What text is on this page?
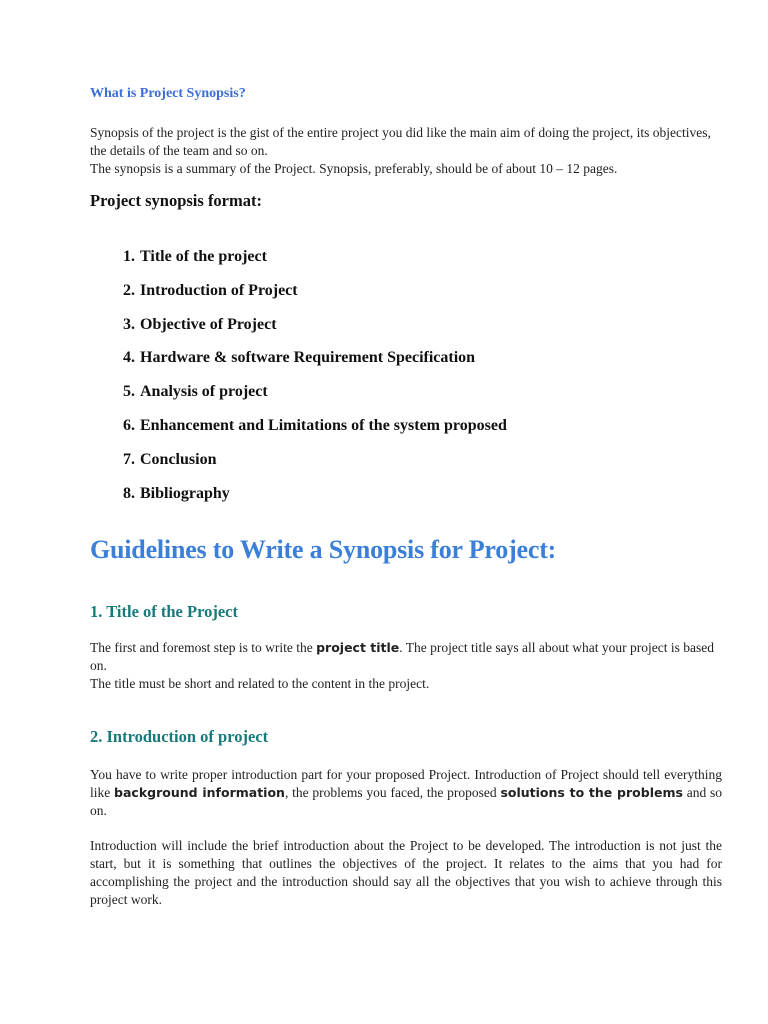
What is Project Synopsis?
Synopsis of the project is the gist of the entire project you did like the main aim of doing the project, its objectives, the details of the team and so on.
The synopsis is a summary of the Project. Synopsis, preferably, should be of about 10 – 12 pages.
Project synopsis format:
1.
Title of the project
2.
Introduction of Project
3.
Objective of Project
4.
Hardware & software Requirement Specification
5.
Analysis of project
6.
Enhancement and Limitations of the system proposed
7.
Conclusion
8.
Bibliography
Guidelines to Write a Synopsis for Project:
1. Title of the Project
The first and foremost step is to write the project title. The project title says all about what your project is based on.
The title must be short and related to the content in the project.
2. Introduction of project
You have to write proper introduction part for your proposed Project. Introduction of Project should tell everything like background information, the problems you faced, the proposed solutions to the problems and so on.
Introduction will include the brief introduction about the Project to be developed. The introduction is not just the start, but it is something that outlines the objectives of the project. It relates to the aims that you had for accomplishing the project and the introduction should say all the objectives that you wish to achieve through this project work.
